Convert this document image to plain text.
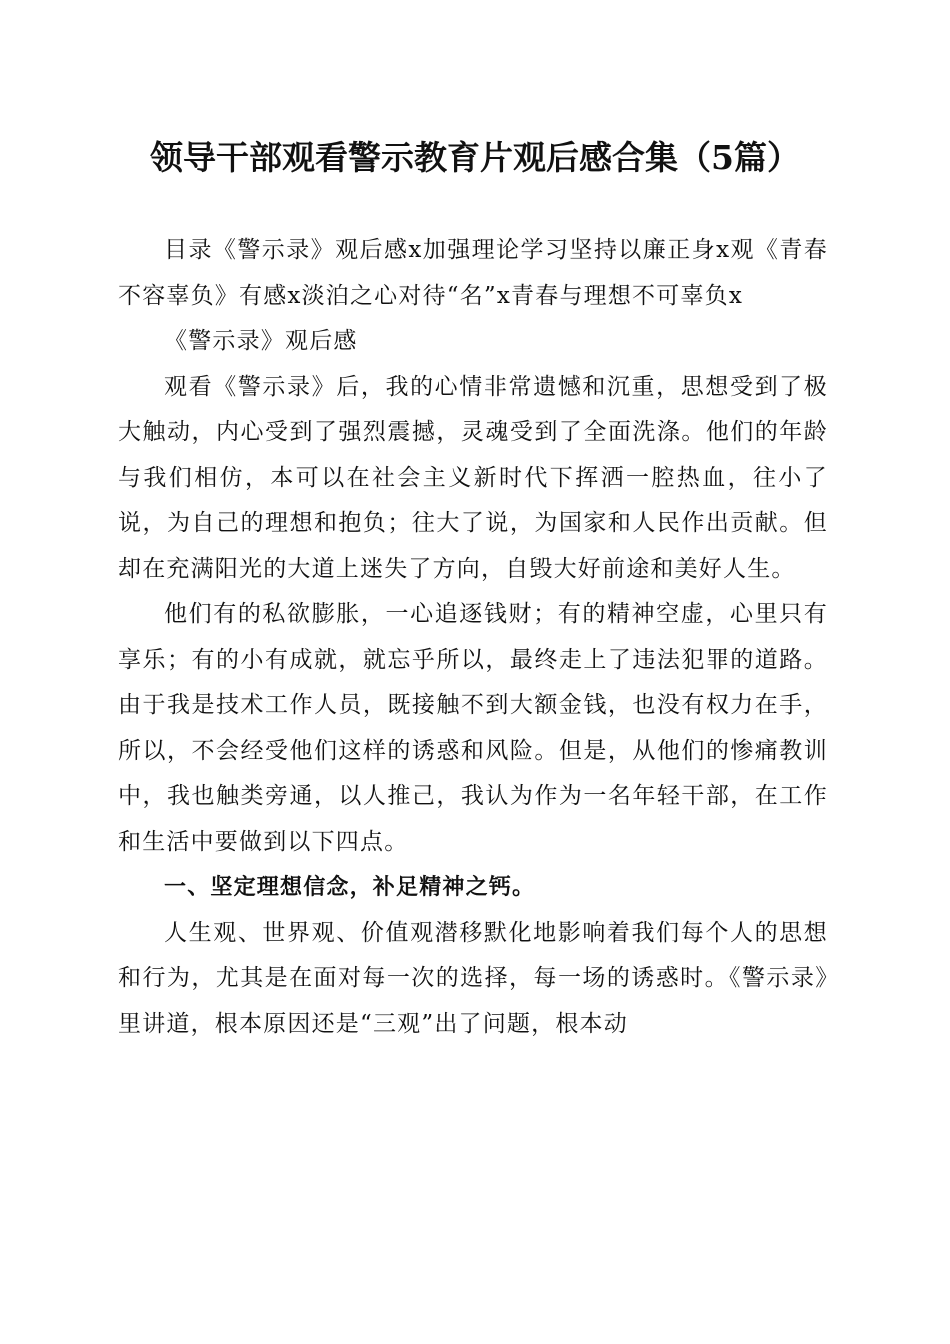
领导干部观看警示教育片观后感合集（5篇）

目录《警示录》观后感x加强理论学习坚持以廉正身x观《青春不容辜负》有感x淡泊之心对待“名”x青春与理想不可辜负x

《警示录》观后感

观看《警示录》后，我的心情非常遗憾和沉重，思想受到了极大触动，内心受到了强烈震撼，灵魂受到了全面洗涤。他们的年龄与我们相仿，本可以在社会主义新时代下挥洒一腔热血，往小了说，为自己的理想和抱负；往大了说，为国家和人民作出贡献。但却在充满阳光的大道上迷失了方向，自毁大好前途和美好人生。

他们有的私欲膨胀，一心追逐钱财；有的精神空虚，心里只有享乐；有的小有成就，就忘乎所以，最终走上了违法犯罪的道路。由于我是技术工作人员，既接触不到大额金钱，也没有权力在手，所以，不会经受他们这样的诱惑和风险。但是，从他们的惨痛教训中，我也触类旁通，以人推己，我认为作为一名年轻干部，在工作和生活中要做到以下四点。

一、坚定理想信念，补足精神之钙。

人生观、世界观、价值观潜移默化地影响着我们每个人的思想和行为，尤其是在面对每一次的选择，每一场的诱惑时。《警示录》里讲道，根本原因还是“三观”出了问题，根本动
